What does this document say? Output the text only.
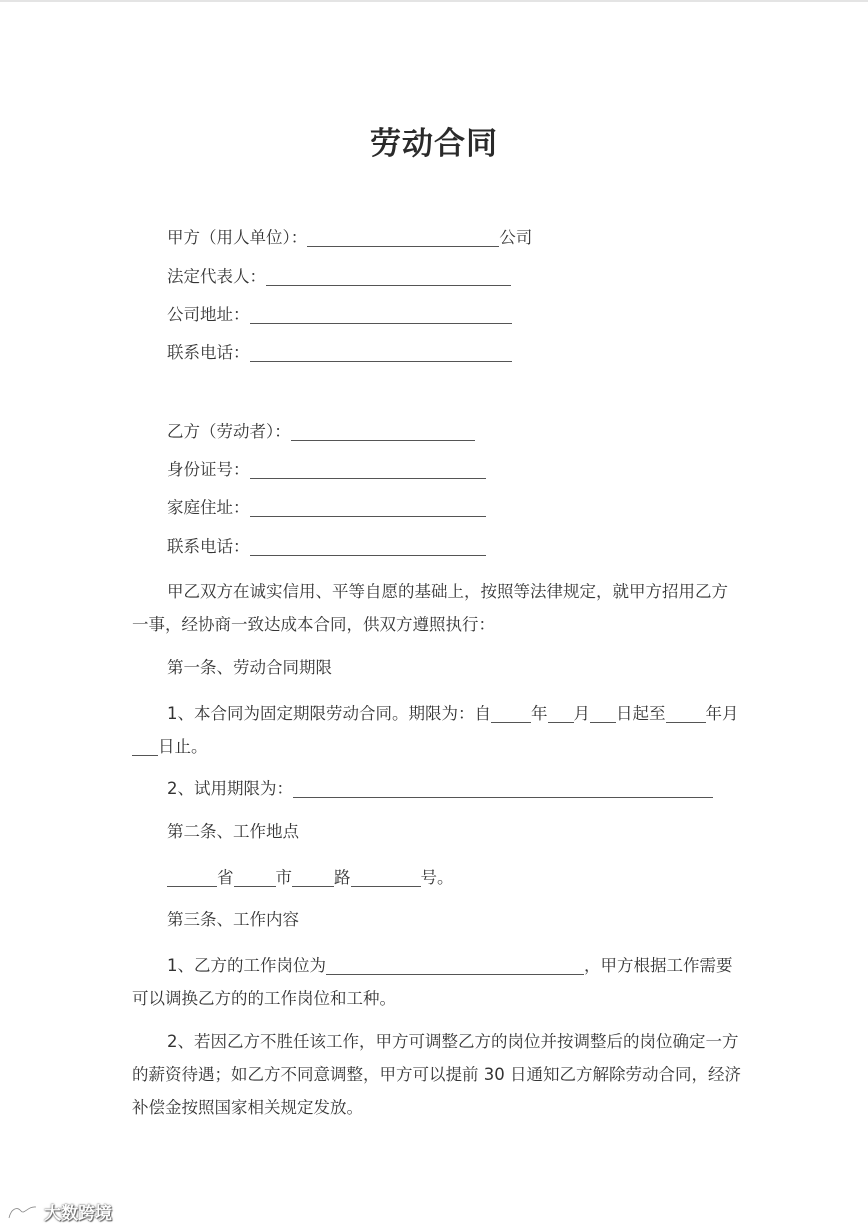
劳动合同
甲方（用人单位）：	公司
法定代表人：
公司地址：
联系电话：
乙方（劳动者）：
身份证号：
家庭住址：
联系电话：

甲乙双方在诚实信用、平等自愿的基础上，按照等法律规定，就甲方招用乙方一事，经协商一致达成本合同，供双方遵照执行：

第一条、劳动合同期限

1、本合同为固定期限劳动合同。期限为：自 年 月 日起至 年月日止。

2、试用期限为：
第二条、工作地点
省	市	路	号。
第三条、工作内容

1、乙方的工作岗位为	，甲方根据工作需要可以调换乙方的的工作岗位和工种。

2、若因乙方不胜任该工作，甲方可调整乙方的岗位并按调整后的岗位确定一方的薪资待遇；如乙方不同意调整，甲方可以提前 30 日通知乙方解除劳动合同，经济补偿金按照国家相关规定发放。

大数跨境
